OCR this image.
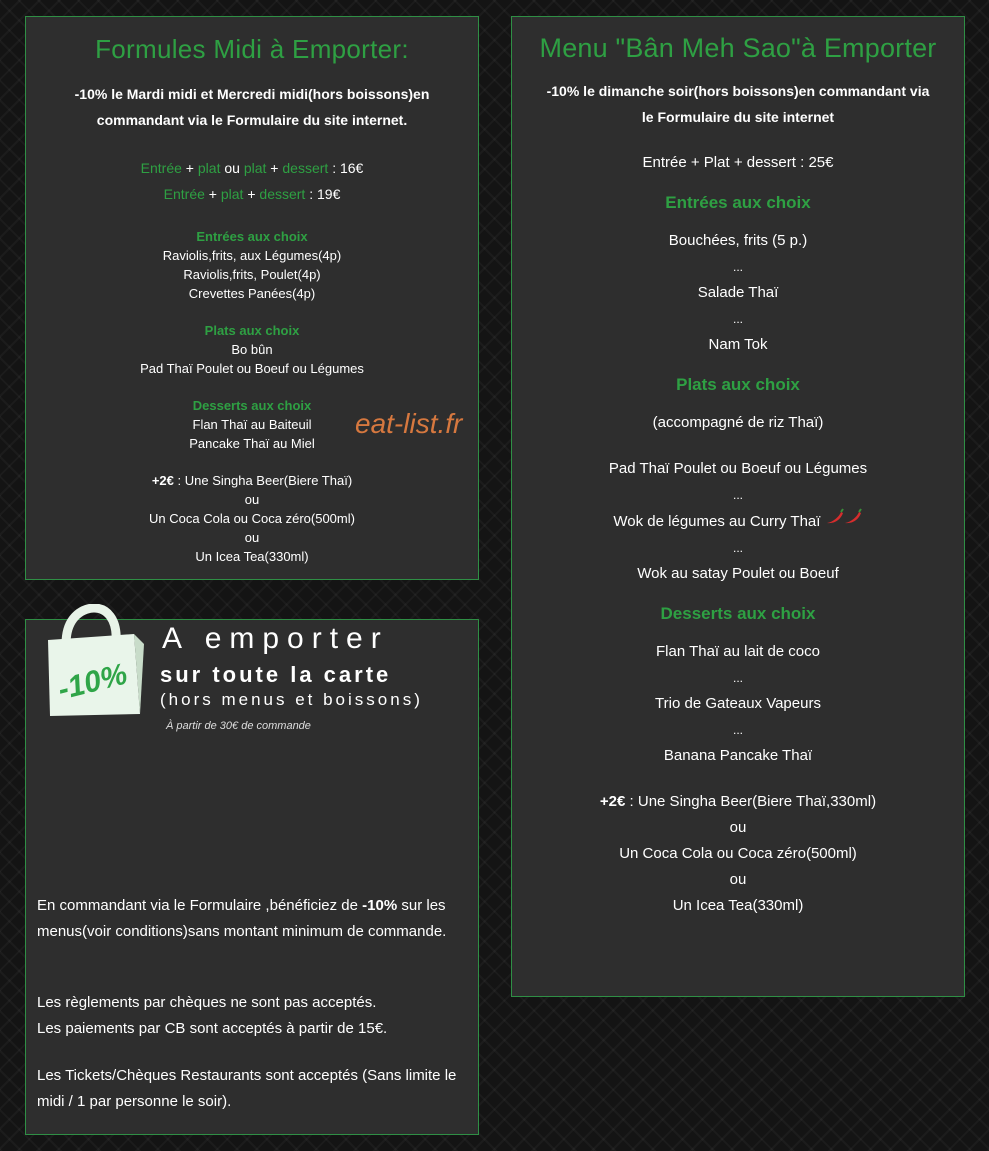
Formules Midi à Emporter:
-10% le Mardi midi et Mercredi midi(hors boissons)en
commandant via le Formulaire du site internet.
Entrée + plat ou plat + dessert : 16€
Entrée + plat + dessert : 19€
Entrées aux choix
Raviolis,frits, aux Légumes(4p)
Raviolis,frits, Poulet(4p)
Crevettes Panées(4p)
Plats aux choix
Bo bûn
Pad Thaï Poulet ou Boeuf ou Légumes
Desserts aux choix
Flan Thaï au Baiteuil
Pancake Thaï au Miel
+2€ : Une Singha Beer(Biere Thaï)
ou
Un Coca Cola ou Coca zéro(500ml)
ou
Un Icea Tea(330ml)
eat-list.fr
Menu "Bân Meh Sao"à Emporter
-10% le dimanche soir(hors boissons)en commandant via
le Formulaire du site internet
Entrée + Plat + dessert : 25€
Entrées aux choix
Bouchées, frits (5 p.)
...
Salade Thaï
...
Nam Tok
Plats aux choix
(accompagné de riz Thaï)
Pad Thaï Poulet ou Boeuf ou Légumes
...
Wok de légumes au Curry Thaï
...
Wok au satay Poulet ou Boeuf
Desserts aux choix
Flan Thaï au lait de coco
...
Trio de Gateaux Vapeurs
...
Banana Pancake Thaï
+2€ : Une Singha Beer(Biere Thaï,330ml)
ou
Un Coca Cola ou Coca zéro(500ml)
ou
Un Icea Tea(330ml)
-10%
A emporter
sur toute la carte
(hors menus et boissons)
À partir de 30€ de commande
En commandant via le Formulaire ,bénéficiez de -10% sur les menus(voir conditions)sans montant minimum de commande.
Les règlements par chèques ne sont pas acceptés.
Les paiements par CB sont acceptés à partir de 15€.
Les Tickets/Chèques Restaurants sont acceptés (Sans limite le midi / 1 par personne le soir).
